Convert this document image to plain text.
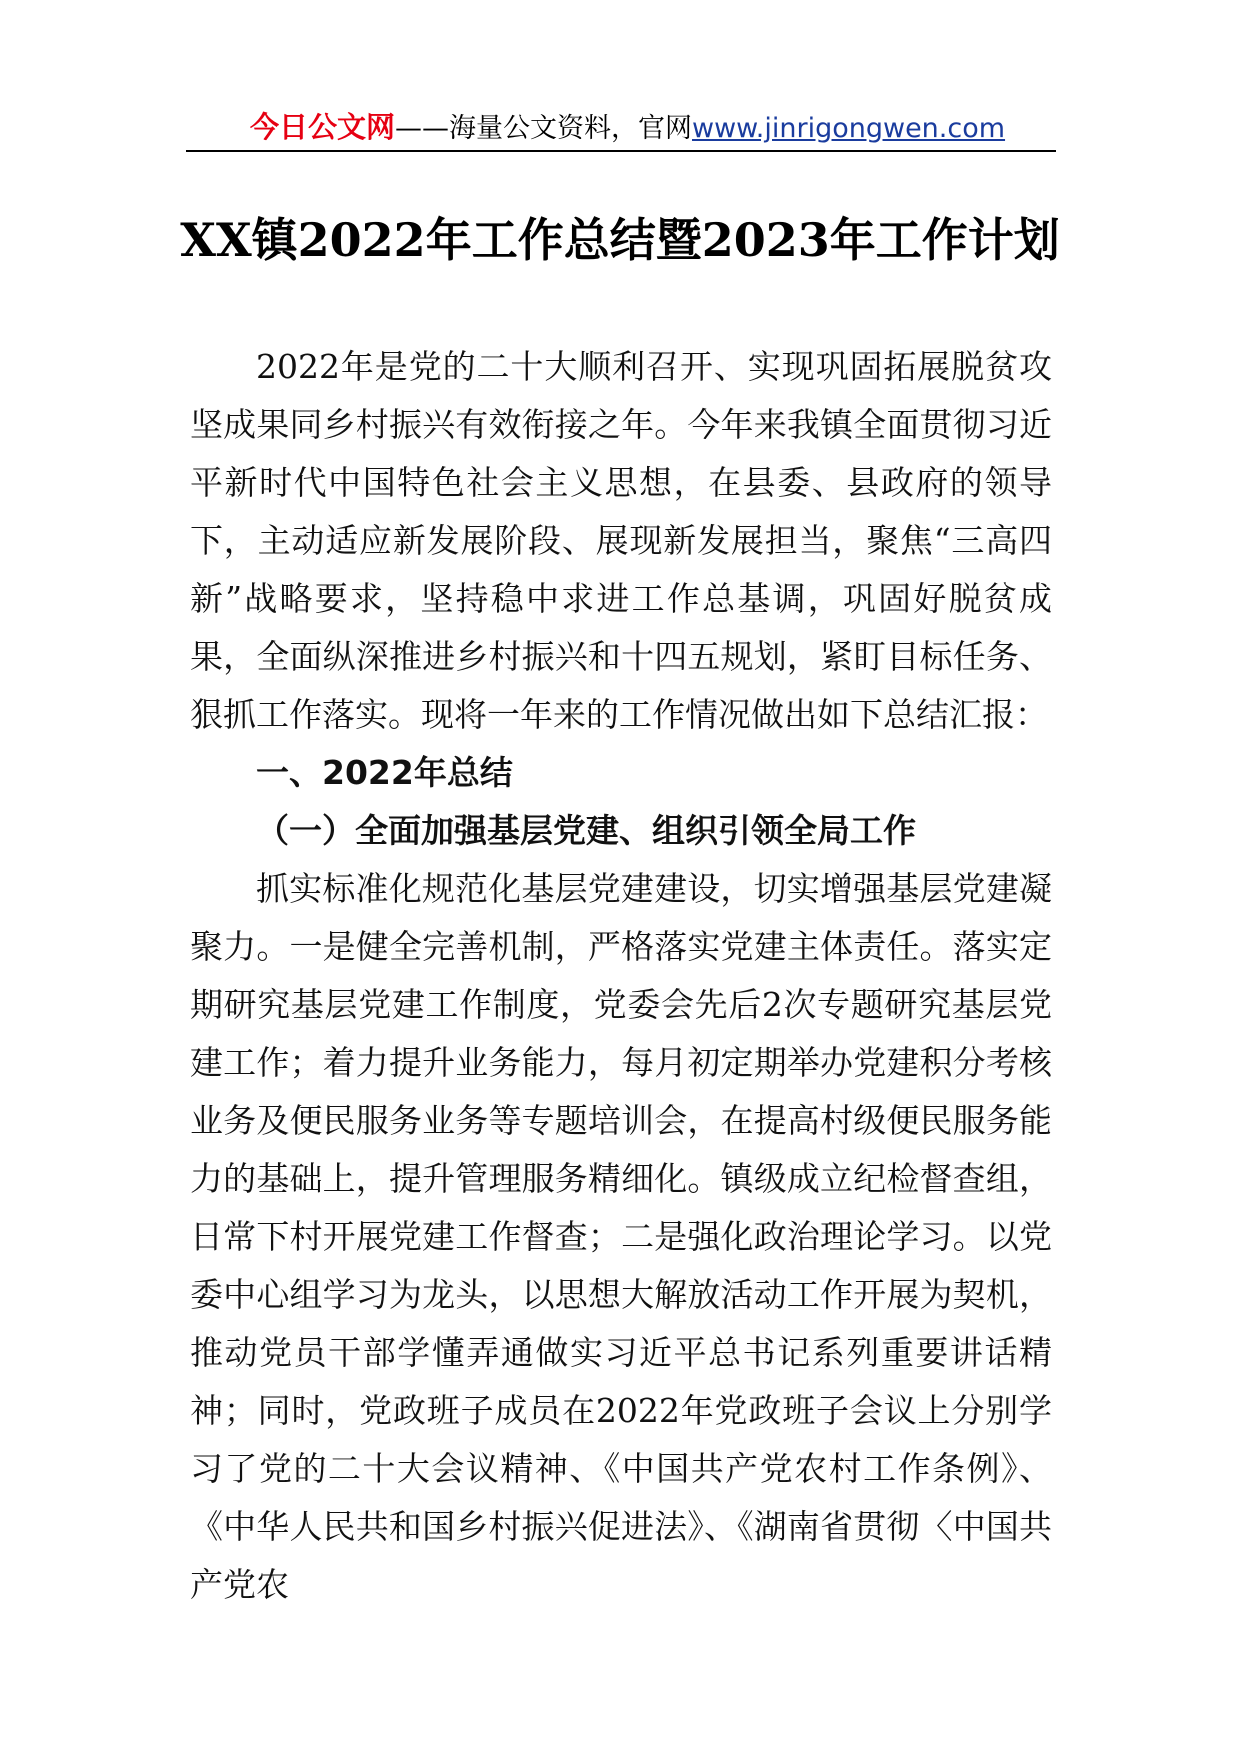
今日公文网——海量公文资料，官网www.jinrigongwen.com
XX镇2022年工作总结暨2023年工作计划

2022年是党的二十大顺利召开、实现巩固拓展脱贫攻坚成果同乡村振兴有效衔接之年。今年来我镇全面贯彻习近平新时代中国特色社会主义思想，在县委、县政府的领导下，主动适应新发展阶段、展现新发展担当，聚焦“三高四新”战略要求，坚持稳中求进工作总基调，巩固好脱贫成果，全面纵深推进乡村振兴和十四五规划，紧盯目标任务、狠抓工作落实。现将一年来的工作情况做出如下总结汇报：

一、2022年总结

（一）全面加强基层党建、组织引领全局工作

抓实标准化规范化基层党建建设，切实增强基层党建凝聚力。一是健全完善机制，严格落实党建主体责任。落实定期研究基层党建工作制度，党委会先后2次专题研究基层党建工作；着力提升业务能力，每月初定期举办党建积分考核业务及便民服务业务等专题培训会，在提高村级便民服务能力的基础上，提升管理服务精细化。镇级成立纪检督查组，日常下村开展党建工作督查；二是强化政治理论学习。以党委中心组学习为龙头，以思想大解放活动工作开展为契机，推动党员干部学懂弄通做实习近平总书记系列重要讲话精神；同时，党政班子成员在2022年党政班子会议上分别学习了党的二十大会议精神、《中国共产党农村工作条例》、《中华人民共和国乡村振兴促进法》、《湖南省贯彻〈中国共产党农
